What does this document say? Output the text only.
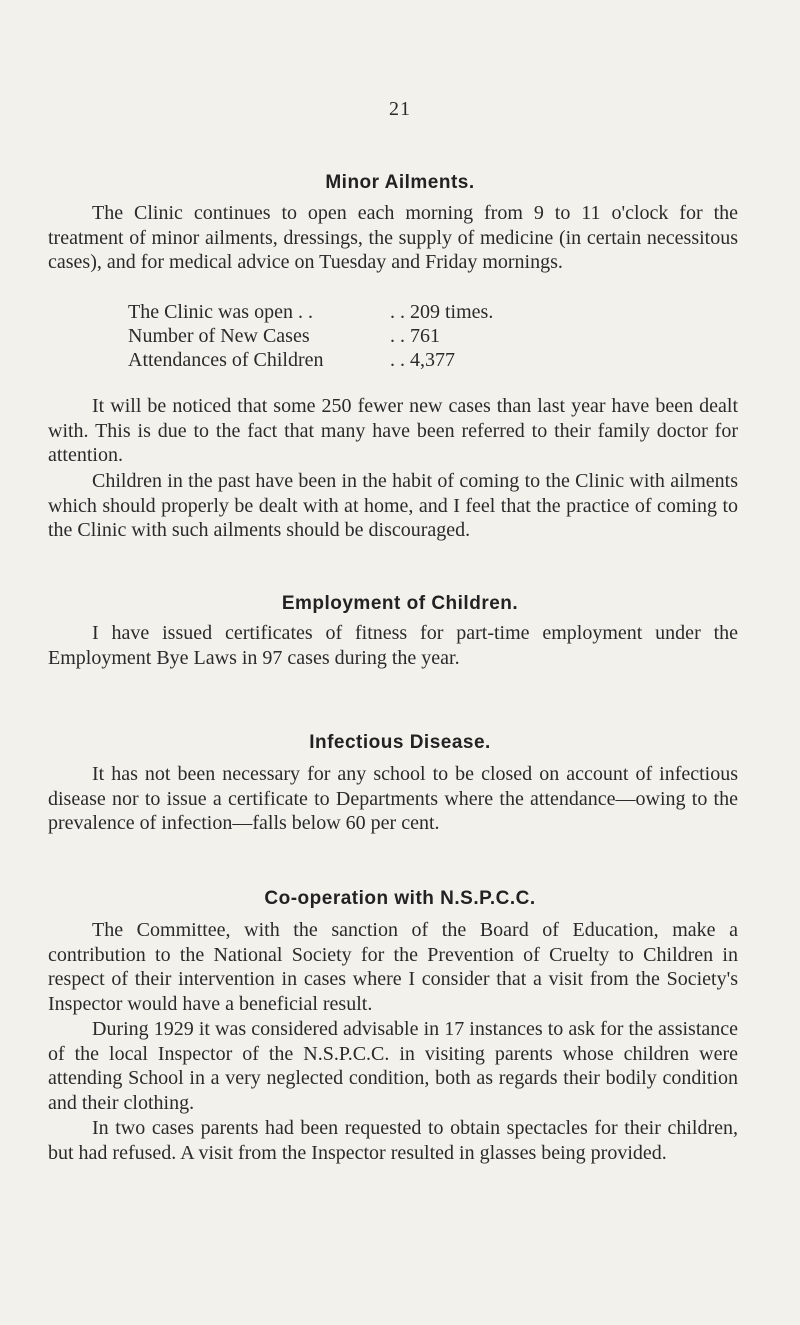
21
Minor Ailments.

The Clinic continues to open each morning from 9 to 11 o'clock for the treatment of minor ailments, dressings, the supply of medicine (in certain necessitous cases), and for medical advice on Tuesday and Friday mornings.

The Clinic was open . .	. . 209 times.
Number of New Cases	. . 761
Attendances of Children	. . 4,377

It will be noticed that some 250 fewer new cases than last year have been dealt with. This is due to the fact that many have been referred to their family doctor for attention.

Children in the past have been in the habit of coming to the Clinic with ailments which should properly be dealt with at home, and I feel that the practice of coming to the Clinic with such ailments should be discouraged.

Employment of Children.

I have issued certificates of fitness for part-time employment under the Employment Bye Laws in 97 cases during the year.

Infectious Disease.

It has not been necessary for any school to be closed on account of infectious disease nor to issue a certificate to Departments where the attendance—owing to the prevalence of infection—falls below 60 per cent.

Co-operation with N.S.P.C.C.

The Committee, with the sanction of the Board of Education, make a contribution to the National Society for the Prevention of Cruelty to Children in respect of their intervention in cases where I consider that a visit from the Society's Inspector would have a beneficial result.

During 1929 it was considered advisable in 17 instances to ask for the assistance of the local Inspector of the N.S.P.C.C. in visiting parents whose children were attending School in a very neglected condition, both as regards their bodily condition and their clothing.

In two cases parents had been requested to obtain spectacles for their children, but had refused. A visit from the Inspector resulted in glasses being provided.
